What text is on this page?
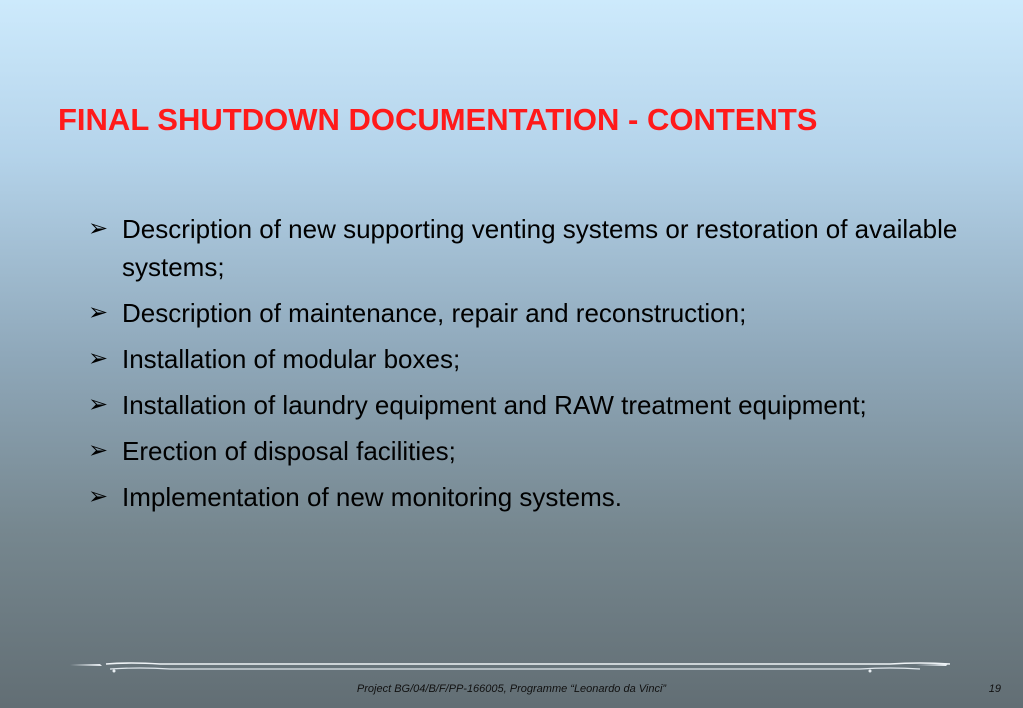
FINAL SHUTDOWN DOCUMENTATION - CONTENTS
➢ Description of new supporting venting systems or restoration of available systems;
➢ Description of maintenance, repair and reconstruction;
➢ Installation of modular boxes;
➢ Installation of laundry equipment and RAW treatment equipment;
➢ Erection of disposal facilities;
➢ Implementation of new monitoring systems.
Project BG/04/B/F/PP-166005, Programme “Leonardo da Vinci”	19
